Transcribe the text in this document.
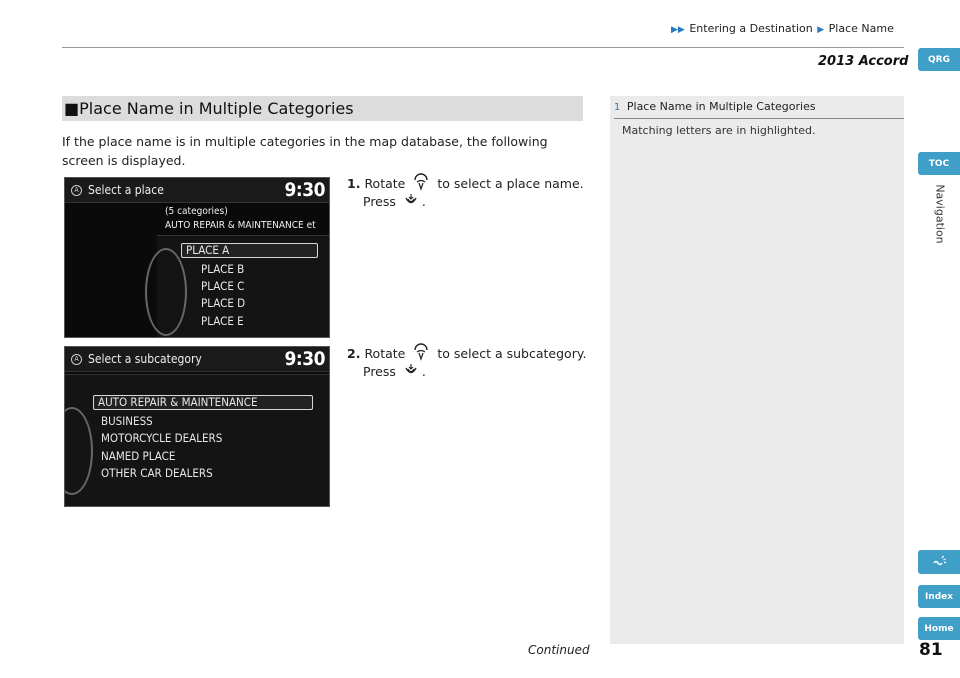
▶▶ Entering a Destination ▶ Place Name
2013 Accord	QRG
TOC
Navigation
Index
Home
■ Place Name in Multiple Categories

If the place name is in multiple categories in the map database, the following screen is displayed.

A Select a place	9:30
(5 categories)
AUTO REPAIR & MAINTENANCE et
PLACE A
PLACE B
PLACE C
PLACE D
PLACE E
A Select a subcategory	9:30
AUTO REPAIR & MAINTENANCE
BUSINESS
MOTORCYCLE DEALERS
NAMED PLACE
OTHER CAR DEALERS
1. Rotate	to select a place name.
Press .
2. Rotate	to select a subcategory.
Press .
1 Place Name in Multiple Categories
Matching letters are in highlighted.
Continued	81
